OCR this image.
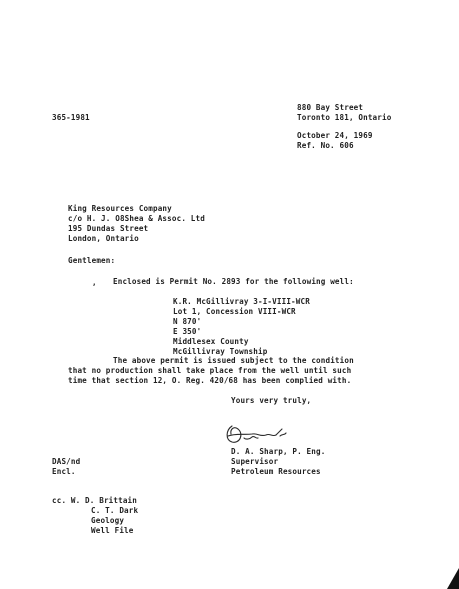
365-1981

880 Bay Street
Toronto 181, Ontario
October 24, 1969
Ref. No. 606
King Resources Company
c/o H. J. O8Shea & Assoc. Ltd
195 Dundas Street
London, Ontario

Gentlemen:

, Enclosed is Permit No. 2893 for the following well:

K.R. McGillivray 3-I-VIII-WCR
Lot 1, Concession VIII-WCR
N 870'
E 350'
Middlesex County
McGillivray Township

The above permit is issued subject to the condition

that no production shall take place from the well until such

time that section 12, O. Reg. 420/68 has been complied with.

Yours very truly,

D. A. Sharp, P. Eng.
Supervisor
Petroleum Resources

DAS/nd

Encl.

cc. W. D. Brittain
C. T. Dark
Geology
Well File
